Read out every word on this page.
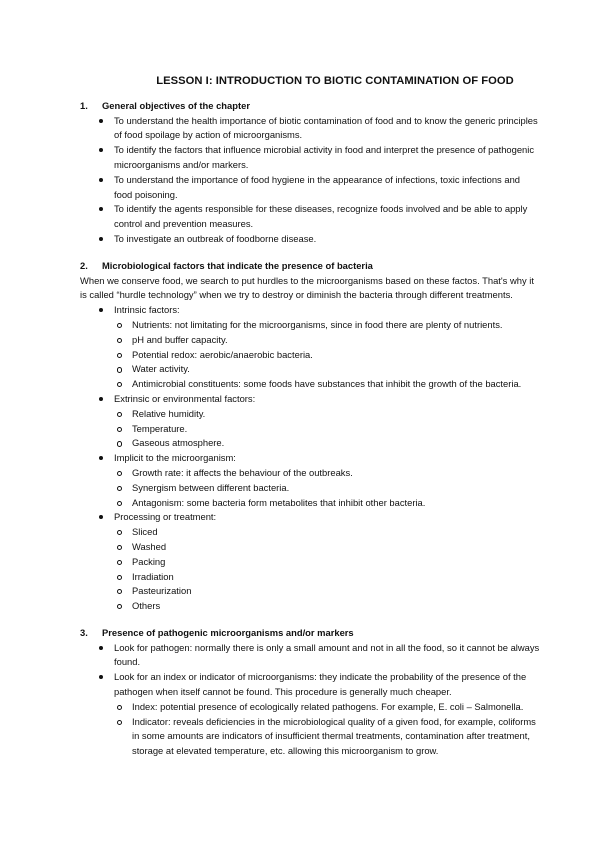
LESSON I: INTRODUCTION TO BIOTIC CONTAMINATION OF FOOD

1. General objectives of the chapter

To understand the health importance of biotic contamination of food and to know the generic principles of food spoilage by action of microorganisms.
To identify the factors that influence microbial activity in food and interpret the presence of pathogenic microorganisms and/or markers.
To understand the importance of food hygiene in the appearance of infections, toxic infections and food poisoning.
To identify the agents responsible for these diseases, recognize foods involved and be able to apply control and prevention measures.
To investigate an outbreak of foodborne disease.

2. Microbiological factors that indicate the presence of bacteria

When we conserve food, we search to put hurdles to the microorganisms based on these factos. That's why it is called “hurdle technology” when we try to destroy or diminish the bacteria through different treatments.

Intrinsic factors:
Nutrients: not limitating for the microorganisms, since in food there are plenty of nutrients.
pH and buffer capacity.
Potential redox: aerobic/anaerobic bacteria.
Water activity.
Antimicrobial constituents: some foods have substances that inhibit the growth of the bacteria.
Extrinsic or environmental factors:
Relative humidity.
Temperature.
Gaseous atmosphere.
Implicit to the microorganism:
Growth rate: it affects the behaviour of the outbreaks.
Synergism between different bacteria.
Antagonism: some bacteria form metabolites that inhibit other bacteria.
Processing or treatment:
Sliced
Washed
Packing
Irradiation
Pasteurization
Others

3. Presence of pathogenic microorganisms and/or markers

Look for pathogen: normally there is only a small amount and not in all the food, so it cannot be always found.
Look for an index or indicator of microorganisms: they indicate the probability of the presence of the pathogen when itself cannot be found. This procedure is generally much cheaper.
Index: potential presence of ecologically related pathogens. For example, E. coli – Salmonella.
Indicator: reveals deficiencies in the microbiological quality of a given food, for example, coliforms in some amounts are indicators of insufficient thermal treatments, contamination after treatment, storage at elevated temperature, etc. allowing this microorganism to grow.
